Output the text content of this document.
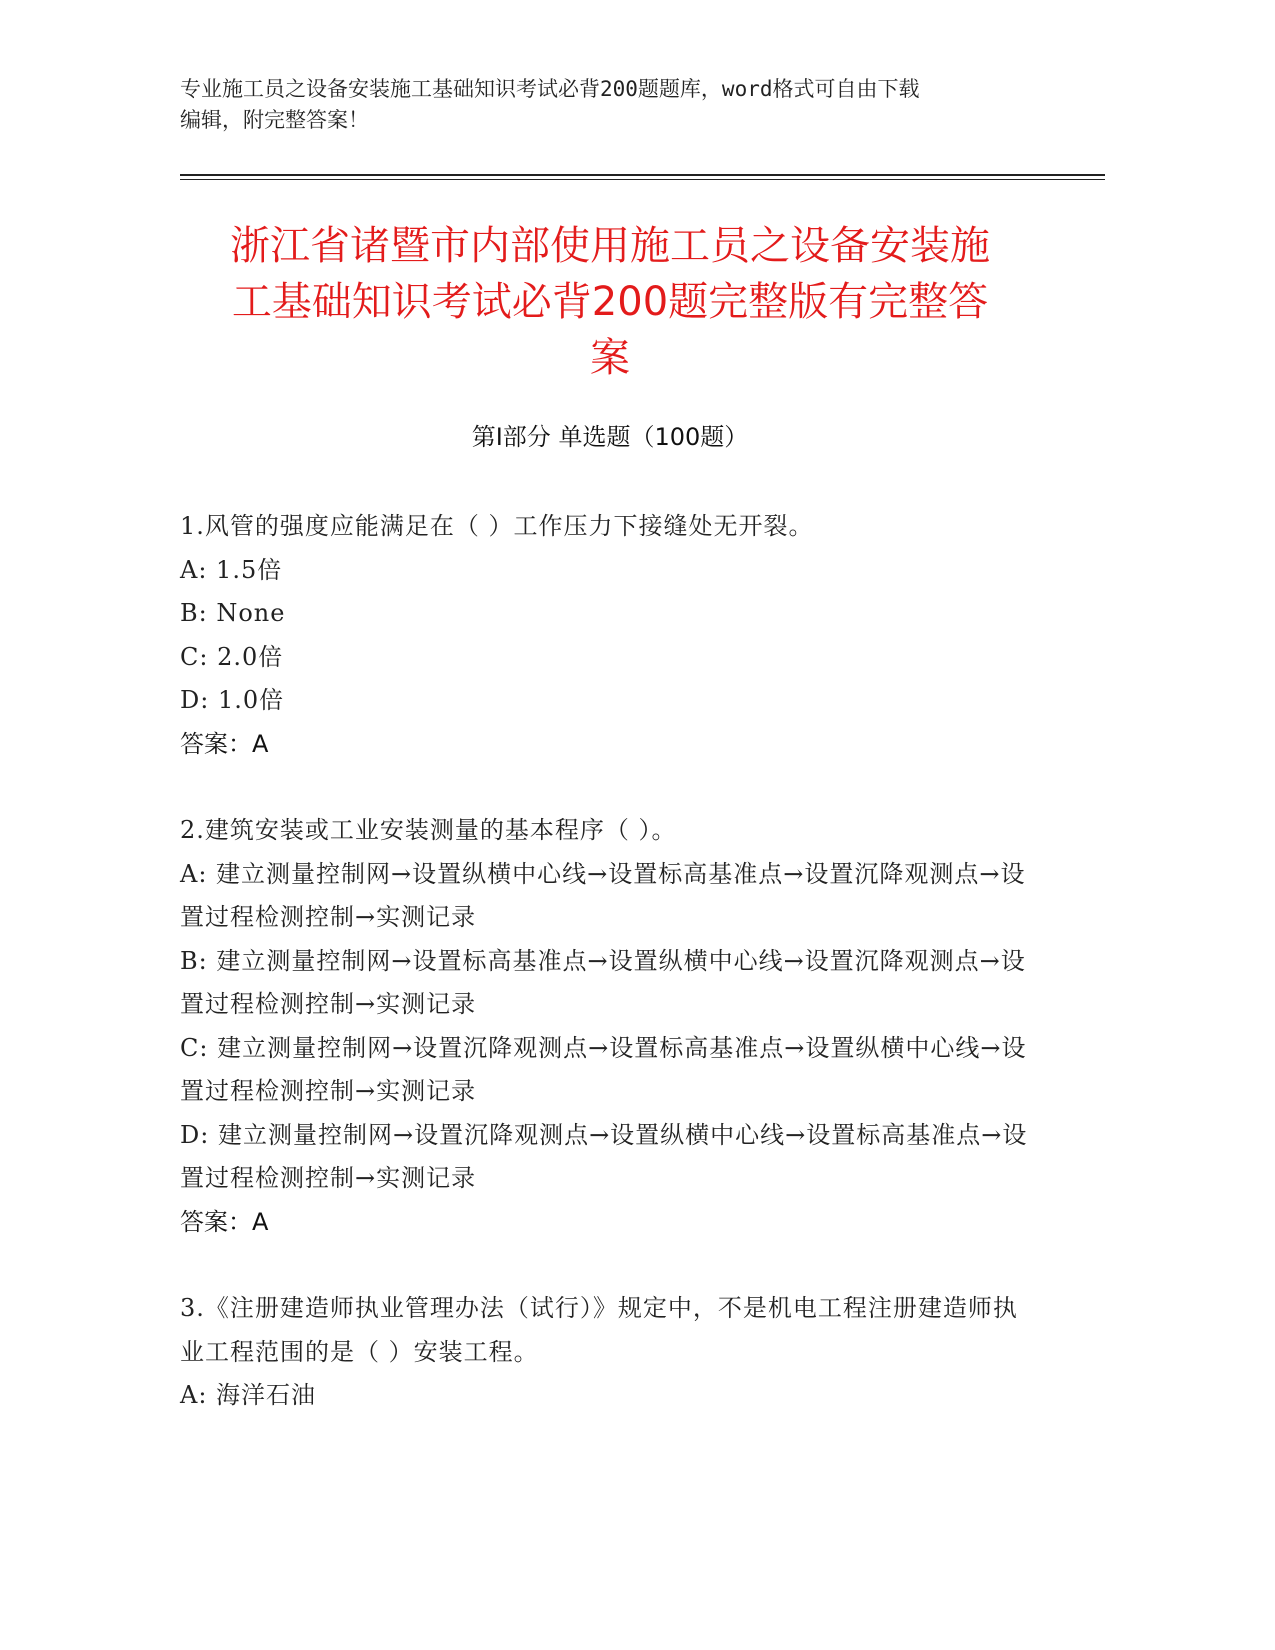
专业施工员之设备安装施工基础知识考试必背200题题库，word格式可自由下载
编辑，附完整答案！
浙江省诸暨市内部使用施工员之设备安装施
工基础知识考试必背200题完整版有完整答
案
第Ⅰ部分 单选题（100题）

1.风管的强度应能满足在（ ）工作压力下接缝处无开裂。

A: 1.5倍

B: None

C: 2.0倍

D: 1.0倍

答案：A

2.建筑安装或工业安装测量的基本程序（ ）。

A: 建立测量控制网→设置纵横中心线→设置标高基准点→设置沉降观测点→设置过程检测控制→实测记录

B: 建立测量控制网→设置标高基准点→设置纵横中心线→设置沉降观测点→设置过程检测控制→实测记录

C: 建立测量控制网→设置沉降观测点→设置标高基准点→设置纵横中心线→设置过程检测控制→实测记录

D: 建立测量控制网→设置沉降观测点→设置纵横中心线→设置标高基准点→设置过程检测控制→实测记录

答案：A

3.《注册建造师执业管理办法（试行）》规定中，不是机电工程注册建造师执业工程范围的是（ ）安装工程。

A: 海洋石油
